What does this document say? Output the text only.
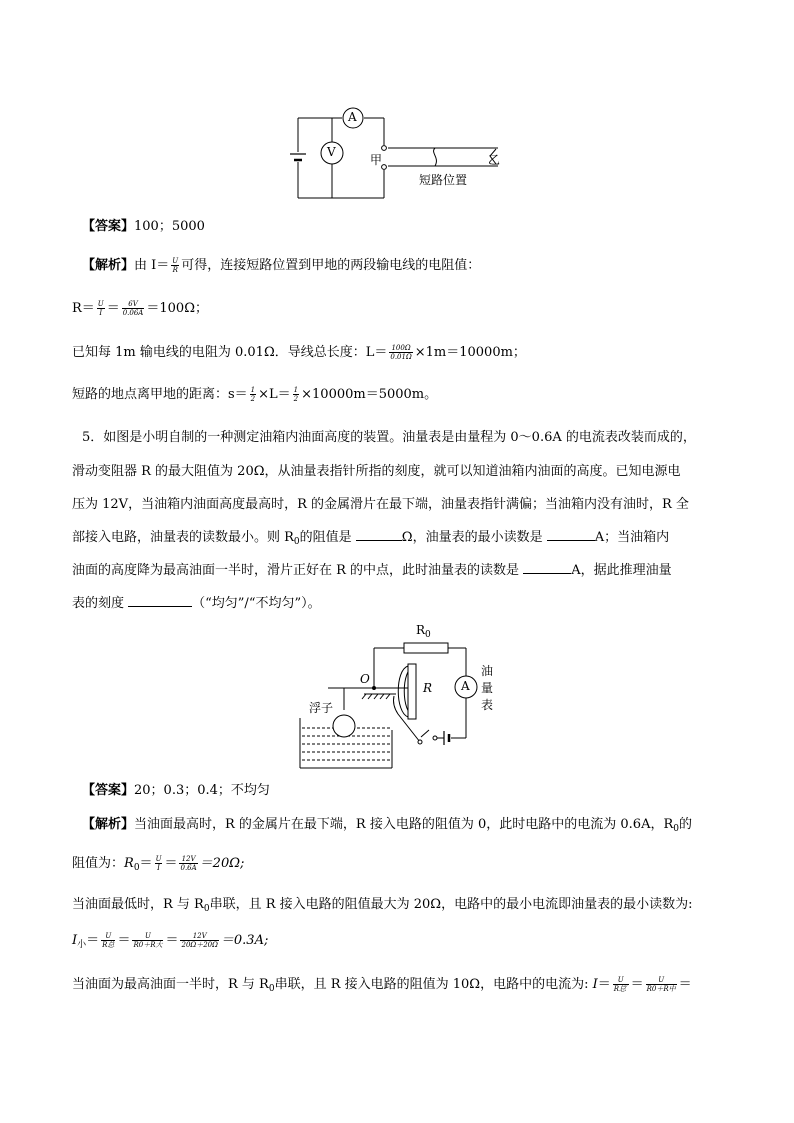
A
V
甲	乙
短路位置
【答案】100；5000
【解析】由 $I= \frac{U}{R}$ 可得，连接短路位置到甲地的两段输电线的电阻值：
$R= \frac{U}{I} = \frac{6V}{0.06A} =100\Omega$；
已知每 1m 输电线的电阻为 0.01Ω．导线总长度：$L= \frac{100\Omega}{0.01\Omega} \times 1m=10000m$；
短路的地点离甲地的距离：$s= \frac{1}{2} \times L= \frac{1}{2} \times 10000m=5000m$。
5．如图是小明自制的一种测定油箱内油面高度的装置。油量表是由量程为 0～0.6A 的电流表改装而成的，
滑动变阻器 R 的最大阻值为 20Ω，从油量表指针所指的刻度，就可以知道油箱内油面的高度。已知电源电
压为 12V，当油箱内油面高度最高时，R 的金属滑片在最下端，油量表指针满偏；当油箱内没有油时，R 全
部接入电路，油量表的读数最小。则 $R_0$的阻值是	Ω，油量表的最小读数是	A；当油箱内
油面的高度降为最高油面一半时，滑片正好在 R 的中点，此时油量表的读数是	A，据此推理油量
表的刻度	（“均匀”/“不均匀”）。
$R_0$
O
R A
油
量
表
浮子
【答案】20；0.3；0.4；不均匀
【解析】当油面最高时，R 的金属片在最下端，R 接入电路的阻值为 0，此时电路中的电流为 0.6A，$R_0$的
阻值为：$R_0= \frac{U}{I} = \frac{12V}{0.6A} =20\Omega$;
当油面最低时，R 与 $R_0$串联，且 R 接入电路的阻值最大为 20Ω，电路中的最小电流即油量表的最小读数为:
$I_小= \frac{U}{\text{R总}} = \frac{U}{\text{R0＋R大}} = \frac{12V}{20\Omega+20\Omega} =0.3A$;
当油面为最高油面一半时，R 与 $R_0$串联，且 R 接入电路的阻值为 10Ω，电路中的电流为: $I= \frac{U}{\text{R总′}} = \frac{U}{\text{R0＋R中}}$ ＝
